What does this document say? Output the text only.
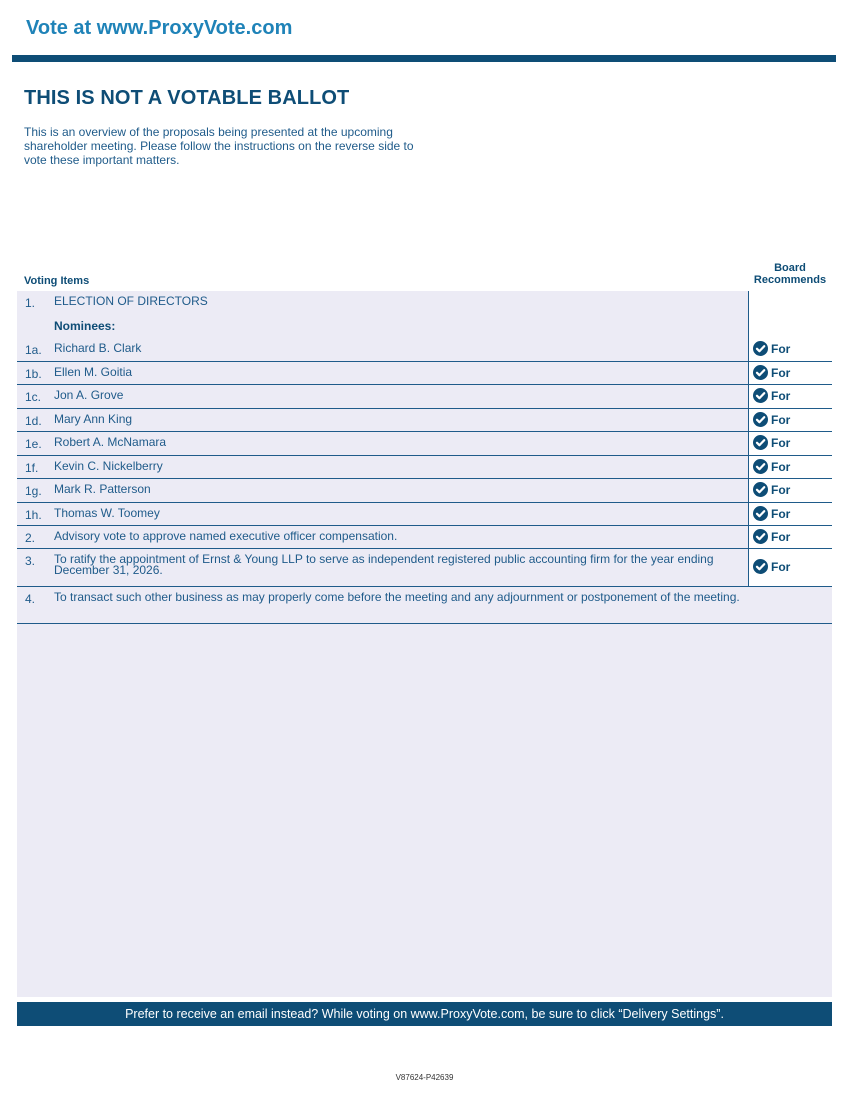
Vote at www.ProxyVote.com
THIS IS NOT A VOTABLE BALLOT
This is an overview of the proposals being presented at the upcoming shareholder meeting. Please follow the instructions on the reverse side to vote these important matters.
Voting Items
Board
Recommends
1. ELECTION OF DIRECTORS
Nominees:
1a. Richard B. Clark	For
1b. Ellen M. Goitia	For
1c. Jon A. Grove	For
1d. Mary Ann King	For
1e. Robert A. McNamara	For
1f. Kevin C. Nickelberry	For
1g. Mark R. Patterson	For
1h. Thomas W. Toomey	For
2. Advisory vote to approve named executive officer compensation.	For
3. To ratify the appointment of Ernst & Young LLP to serve as independent registered public accounting firm for the year ending December 31, 2026.	For
4. To transact such other business as may properly come before the meeting and any adjournment or postponement of the meeting.
Prefer to receive an email instead? While voting on www.ProxyVote.com, be sure to click “Delivery Settings”.
V87624-P42639
